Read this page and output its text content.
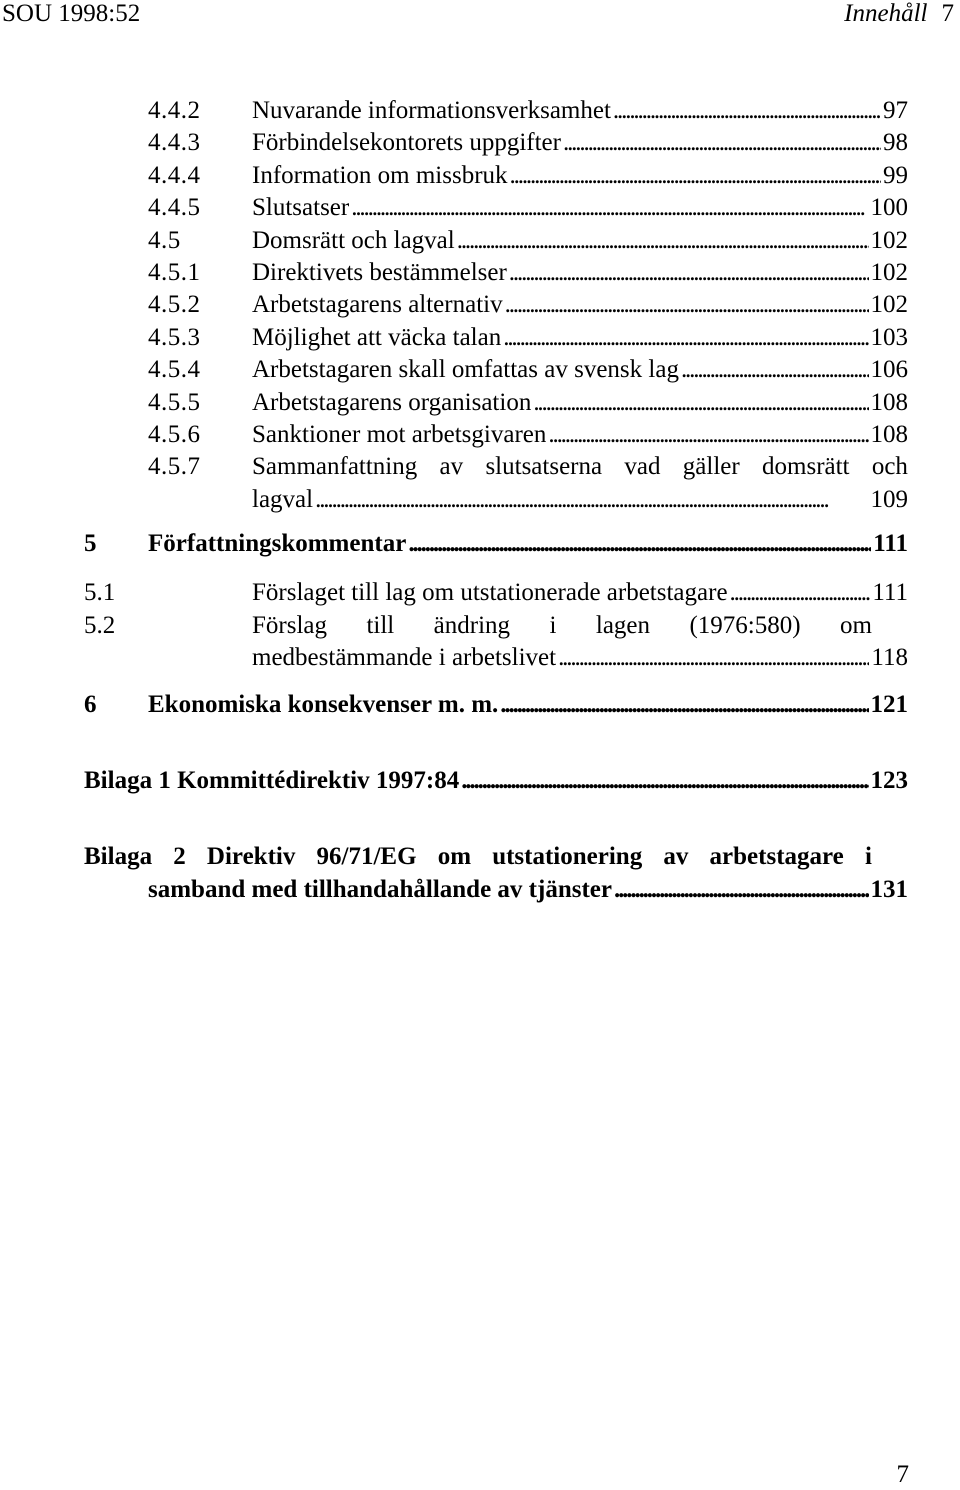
SOU 1998:52	Innehåll 7
4.4.2 Nuvarande informationsverksamhet . . .	97
4.4.3 Förbindelsekontorets uppgifter . . .	98
4.4.4 Information om missbruk . . .	99
4.4.5 Slutsatser . . .	100
4.5	Domsrätt och lagval . . .	102
4.5.1 Direktivets bestämmelser . . .	102
4.5.2 Arbetstagarens alternativ . . .	102
4.5.3 Möjlighet att väcka talan . . .	103
4.5.4 Arbetstagaren skall omfattas av svensk lag . . .	106
4.5.5 Arbetstagarens organisation . . .	108
4.5.6 Sanktioner mot arbetsgivaren . . .	108
4.5.7 Sammanfattning av slutsatserna vad gäller domsrätt och
lagval . . .	109
5 Författningskommentar . . .	111
5.1	Förslaget till lag om utstationerade arbetstagare . . .	111
5.2	Förslag till ändring i lagen (1976:580) om
medbestämmande i arbetslivet . . .	118
6 Ekonomiska konsekvenser m. m. . . .	121
Bilaga 1 Kommittédirektiv 1997:84 . . .	123
Bilaga 2 Direktiv 96/71/EG om utstationering av arbetstagare i
samband med tillhandahållande av tjänster . . .	131
7
